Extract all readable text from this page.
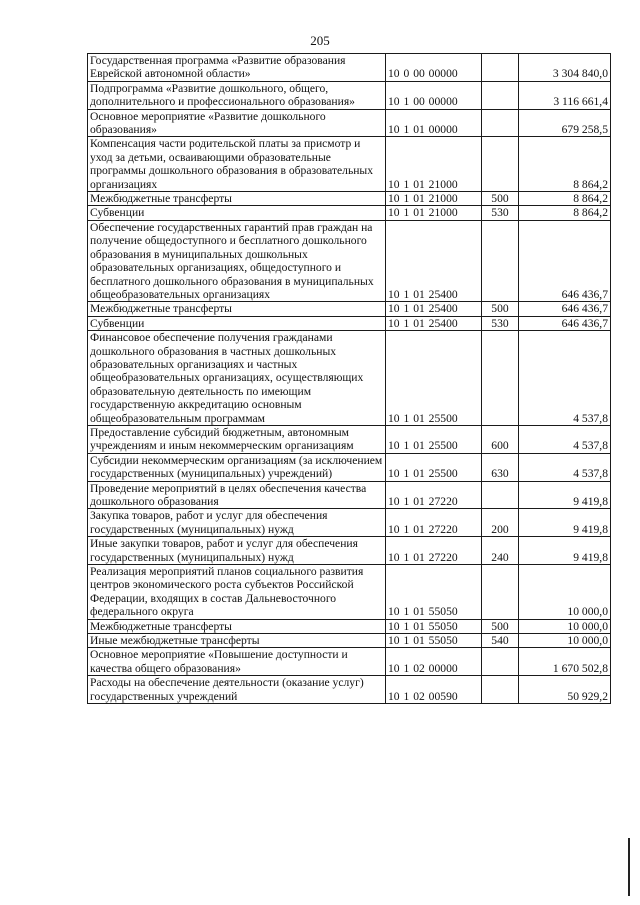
205
Государственная программа «Развитие образования Еврейской автономной области»	10 0 00 00000		3 304 840,0
Подпрограмма «Развитие дошкольного, общего, дополнительного и профессионального образования»	10 1 00 00000		3 116 661,4
Основное мероприятие «Развитие дошкольного образования»	10 1 01 00000		679 258,5
Компенсация части родительской платы за присмотр и уход за детьми, осваивающими образовательные программы дошкольного образования в образовательных организациях	10 1 01 21000		8 864,2
Межбюджетные трансферты	10 1 01 21000	500	8 864,2
Субвенции	10 1 01 21000	530	8 864,2
Обеспечение государственных гарантий прав граждан на получение общедоступного и бесплатного дошкольного образования в муниципальных дошкольных образовательных организациях, общедоступного и бесплатного дошкольного образования в муниципальных общеобразовательных организациях	10 1 01 25400		646 436,7
Межбюджетные трансферты	10 1 01 25400	500	646 436,7
Субвенции	10 1 01 25400	530	646 436,7
Финансовое обеспечение получения гражданами дошкольного образования в частных дошкольных образовательных организациях и частных общеобразовательных организациях, осуществляющих образовательную деятельность по имеющим государственную аккредитацию основным общеобразовательным программам	10 1 01 25500		4 537,8
Предоставление субсидий бюджетным, автономным учреждениям и иным некоммерческим организациям	10 1 01 25500	600	4 537,8
Субсидии некоммерческим организациям (за исключением государственных (муниципальных) учреждений)	10 1 01 25500	630	4 537,8
Проведение мероприятий в целях обеспечения качества дошкольного образования	10 1 01 27220		9 419,8
Закупка товаров, работ и услуг для обеспечения государственных (муниципальных) нужд	10 1 01 27220	200	9 419,8
Иные закупки товаров, работ и услуг для обеспечения государственных (муниципальных) нужд	10 1 01 27220	240	9 419,8
Реализация мероприятий планов социального развития центров экономического роста субъектов Российской Федерации, входящих в состав Дальневосточного федерального округа	10 1 01 55050		10 000,0
Межбюджетные трансферты	10 1 01 55050	500	10 000,0
Иные межбюджетные трансферты	10 1 01 55050	540	10 000,0
Основное мероприятие «Повышение доступности и качества общего образования»	10 1 02 00000		1 670 502,8
Расходы на обеспечение деятельности (оказание услуг) государственных учреждений	10 1 02 00590		50 929,2
